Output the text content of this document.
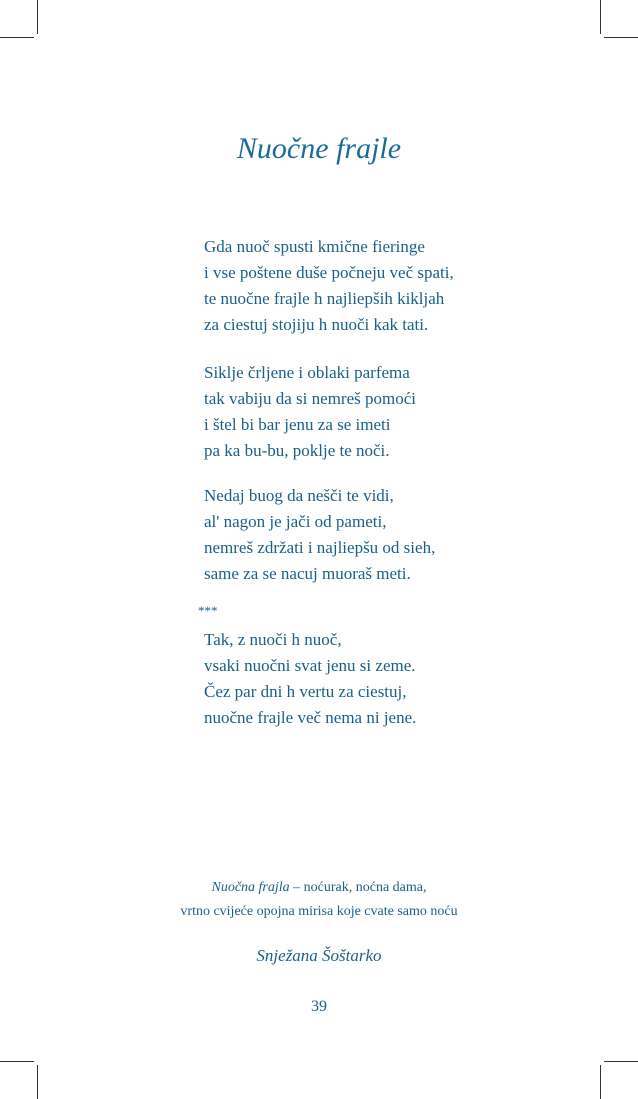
Nuočne frajle
Gda nuoč spusti kmične fieringe
i vse poštene duše počneju več spati,
te nuočne frajle h najliepših kikljah
za ciestuj stojiju h nuoči kak tati.
Siklje črljene i oblaki parfema
tak vabiju da si nemreš pomoći
i štel bi bar jenu za se imeti
pa ka bu-bu, poklje te noči.
Nedaj buog da nešči te vidi,
al' nagon je jači od pameti,
nemreš zdržati i najliepšu od sieh,
same za se nacuj muoraš meti.
***
Tak, z nuoči h nuoč,
vsaki nuočni svat jenu si zeme.
Čez par dni h vertu za ciestuj,
nuočne frajle več nema ni jene.
Nuočna frajla – noćurak, noćna dama,
vrtno cvijeće opojna mirisa koje cvate samo noću
Snježana Šoštarko
39
